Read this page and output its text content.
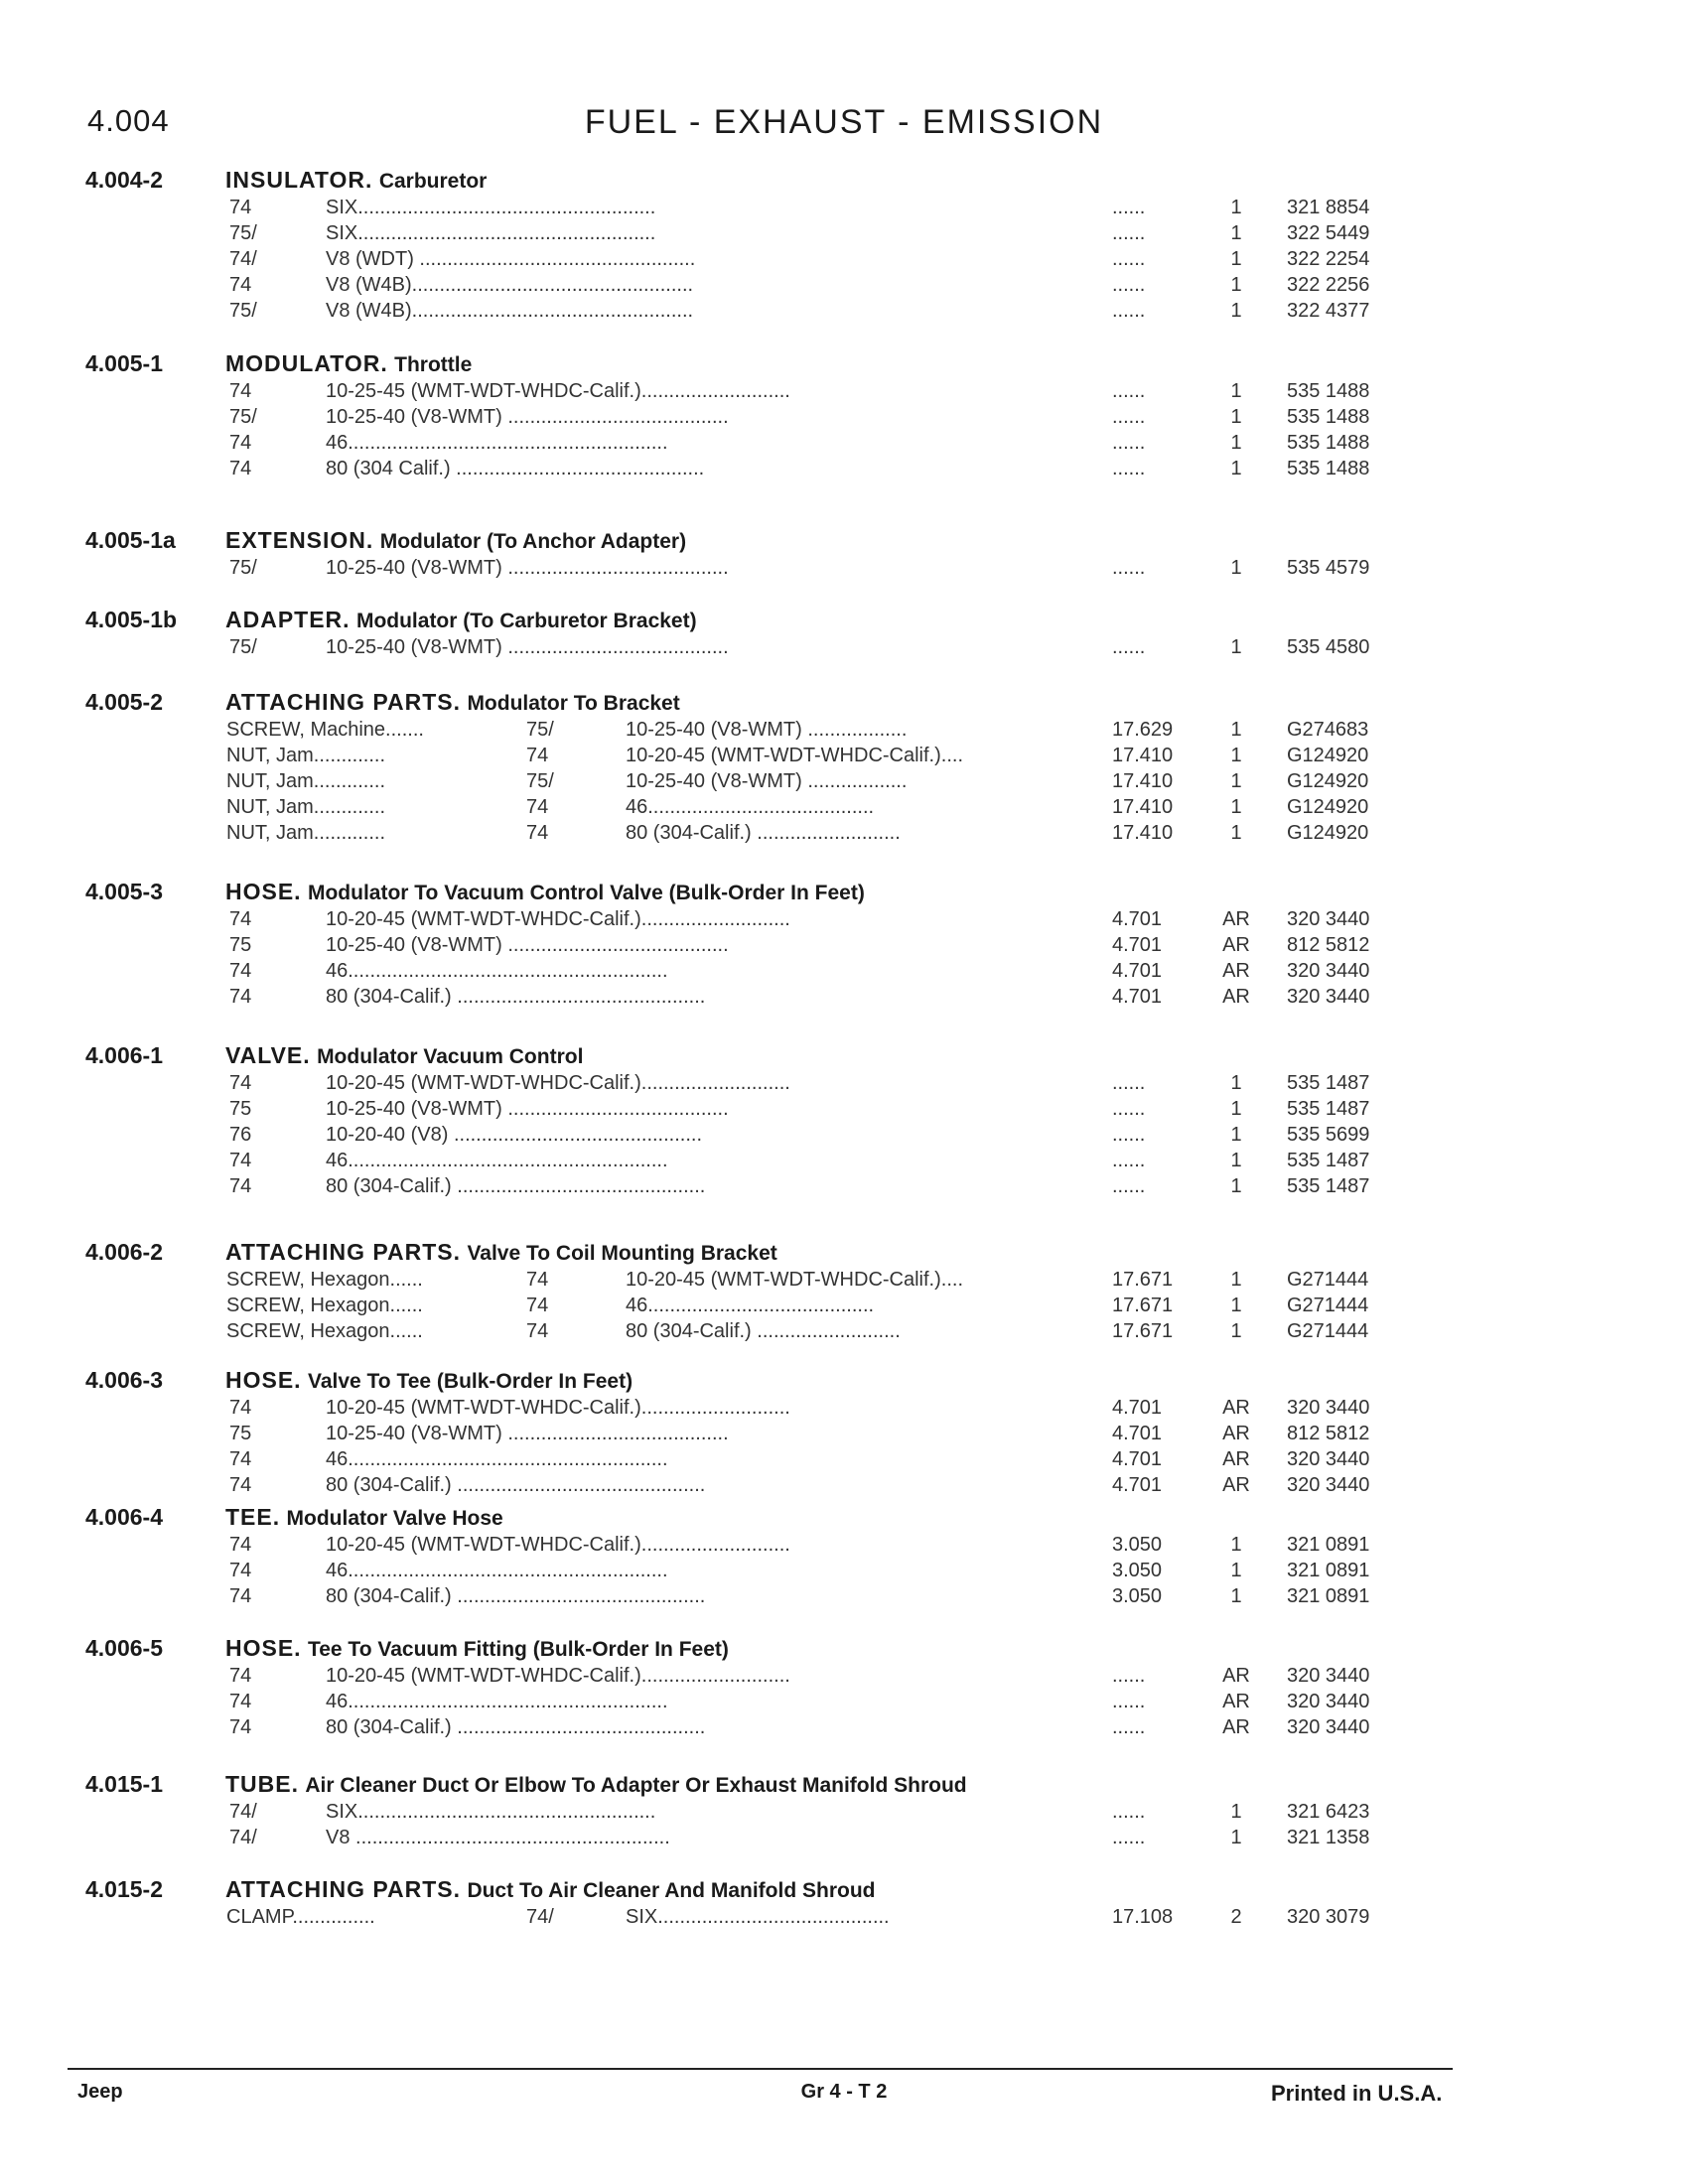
4.004	FUEL - EXHAUST - EMISSION
4.004-2	INSULATOR. Carburetor
74	SIX......................................................	......	1	321 8854
75/	SIX......................................................	......	1	322 5449
74/	V8 (WDT) ..................................................	......	1	322 2254
74	V8 (W4B)...................................................	......	1	322 2256
75/	V8 (W4B)...................................................	......	1	322 4377
4.005-1	MODULATOR. Throttle
74	10-25-45 (WMT-WDT-WHDC-Calif.)...........................	......	1	535 1488
75/	10-25-40 (V8-WMT) ........................................	......	1	535 1488
74	46..........................................................	......	1	535 1488
74	80 (304 Calif.) .............................................	......	1	535 1488
4.005-1a EXTENSION. Modulator (To Anchor Adapter)
75/	10-25-40 (V8-WMT) ........................................	......	1	535 4579
4.005-1b ADAPTER. Modulator (To Carburetor Bracket)
75/	10-25-40 (V8-WMT) ........................................	......	1	535 4580
4.005-2	ATTACHING PARTS. Modulator To Bracket
SCREW, Machine.......	75/	10-25-40 (V8-WMT) ..................	17.629	1	G274683
NUT, Jam.............	74	10-20-45 (WMT-WDT-WHDC-Calif.)....	17.410	1	G124920
NUT, Jam.............	75/	10-25-40 (V8-WMT) ..................	17.410	1	G124920
NUT, Jam.............	74	46.........................................	17.410	1	G124920
NUT, Jam.............	74	80 (304-Calif.) ..........................	17.410	1	G124920
4.005-3	HOSE. Modulator To Vacuum Control Valve (Bulk-Order In Feet)
74	10-20-45 (WMT-WDT-WHDC-Calif.)...........................	4.701	AR	320 3440
75	10-25-40 (V8-WMT) ........................................	4.701	AR	812 5812
74	46..........................................................	4.701	AR	320 3440
74	80 (304-Calif.) .............................................	4.701	AR	320 3440
4.006-1	VALVE. Modulator Vacuum Control
74	10-20-45 (WMT-WDT-WHDC-Calif.)...........................	......	1	535 1487
75	10-25-40 (V8-WMT) ........................................	......	1	535 1487
76	10-20-40 (V8) .............................................	......	1	535 5699
74	46..........................................................	......	1	535 1487
74	80 (304-Calif.) .............................................	......	1	535 1487
4.006-2	ATTACHING PARTS. Valve To Coil Mounting Bracket
SCREW, Hexagon......	74	10-20-45 (WMT-WDT-WHDC-Calif.)....	17.671	1	G271444
SCREW, Hexagon......	74	46.........................................	17.671	1	G271444
SCREW, Hexagon......	74	80 (304-Calif.) ..........................	17.671	1	G271444
4.006-3	HOSE. Valve To Tee (Bulk-Order In Feet)
74	10-20-45 (WMT-WDT-WHDC-Calif.)...........................	4.701	AR	320 3440
75	10-25-40 (V8-WMT) ........................................	4.701	AR	812 5812
74	46..........................................................	4.701	AR	320 3440
74	80 (304-Calif.) .............................................	4.701	AR	320 3440
4.006-4	TEE. Modulator Valve Hose
74	10-20-45 (WMT-WDT-WHDC-Calif.)...........................	3.050	1	321 0891
74	46..........................................................	3.050	1	321 0891
74	80 (304-Calif.) .............................................	3.050	1	321 0891
4.006-5	HOSE. Tee To Vacuum Fitting (Bulk-Order In Feet)
74	10-20-45 (WMT-WDT-WHDC-Calif.)...........................	......	AR	320 3440
74	46..........................................................	......	AR	320 3440
74	80 (304-Calif.) .............................................	......	AR	320 3440
4.015-1	TUBE. Air Cleaner Duct Or Elbow To Adapter Or Exhaust Manifold Shroud
74/	SIX......................................................	......	1	321 6423
74/	V8 .........................................................	......	1	321 1358
4.015-2	ATTACHING PARTS. Duct To Air Cleaner And Manifold Shroud
CLAMP...............	74/	SIX..........................................	17.108	2	320 3079
Jeep	Gr 4 - T 2	Printed in U.S.A.
